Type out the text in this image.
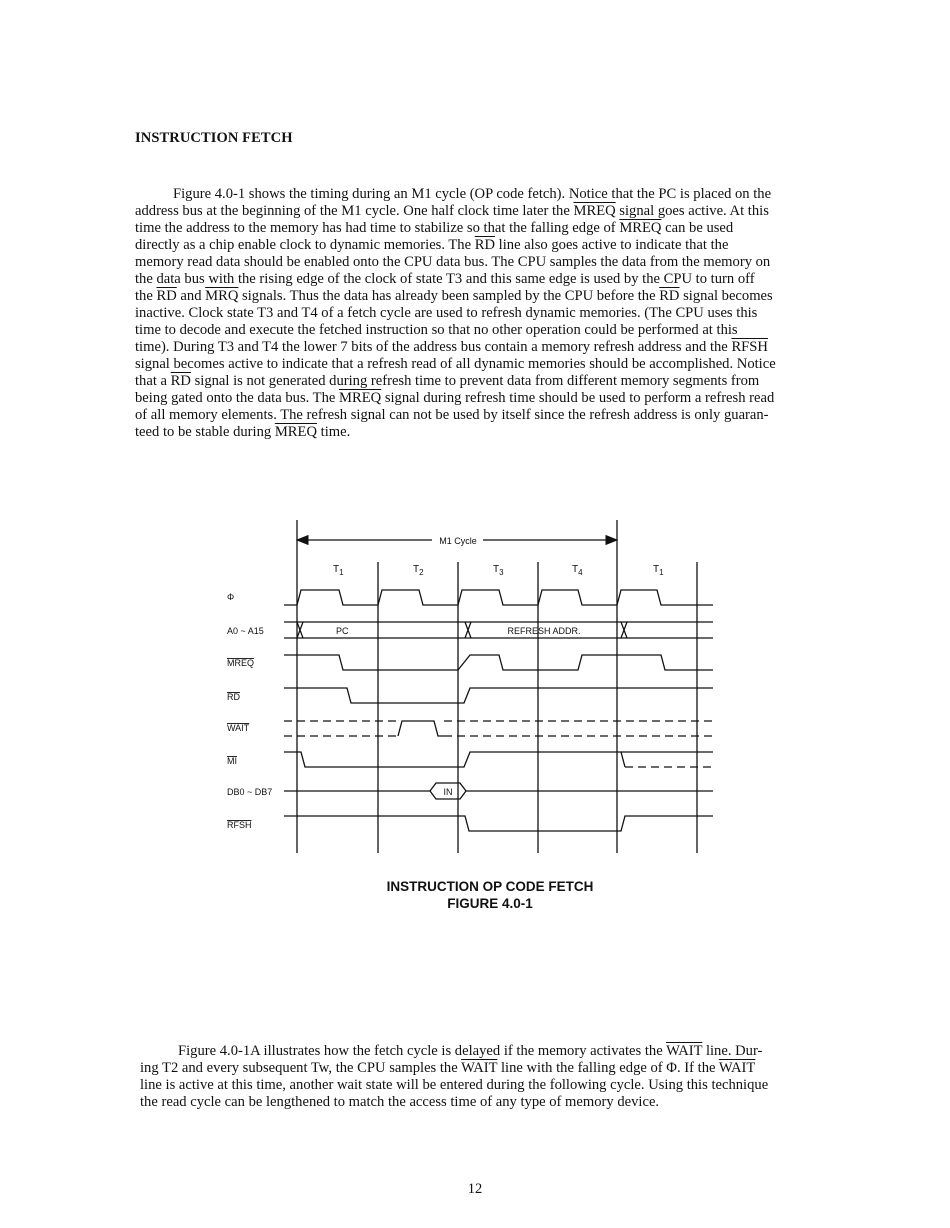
INSTRUCTION FETCH
Figure 4.0-1 shows the timing during an M1 cycle (OP code fetch). Notice that the PC is placed on the
address bus at the beginning of the M1 cycle. One half clock time later the MREQ signal goes active. At this
time the address to the memory has had time to stabilize so that the falling edge of MREQ can be used
directly as a chip enable clock to dynamic memories. The $\overline{RD}$ line also goes active to indicate that the
memory read data should be enabled onto the CPU data bus. The CPU samples the data from the memory on
the data bus with the rising edge of the clock of state T3 and this same edge is used by the CPU to turn off
the $\overline{RD}$ and $\overline{MRQ}$ signals. Thus the data has already been sampled by the CPU before the $\overline{RD}$ signal becomes
inactive. Clock state T3 and T4 of a fetch cycle are used to refresh dynamic memories. (The CPU uses this
time to decode and execute the fetched instruction so that no other operation could be performed at this
time). During T3 and T4 the lower 7 bits of the address bus contain a memory refresh address and the RFSH
signal becomes active to indicate that a refresh read of all dynamic memories should be accomplished. Notice
that a $\overline{RD}$ signal is not generated during refresh time to prevent data from different memory segments from
being gated onto the data bus. The MREQ signal during refresh time should be used to perform a refresh read
of all memory elements. The refresh signal can not be used by itself since the refresh address is only guaran-
teed to be stable during MREQ time.
M1 Cycle
$T_1$	$T_2$	$T_3$	$T_4$	$T_1$
Φ
A0 ~ A15
MREQ
RD
WAIT
MI
DB0 ~ DB7
RFSH
PC	REFRESH ADDR.
IN
INSTRUCTION OP CODE FETCH
FIGURE 4.0-1
Figure 4.0-1A illustrates how the fetch cycle is delayed if the memory activates the WAIT line. Dur-
ing T2 and every subsequent Tw, the CPU samples the WAIT line with the falling edge of Φ. If the WAIT
line is active at this time, another wait state will be entered during the following cycle. Using this technique
the read cycle can be lengthened to match the access time of any type of memory device.
12
